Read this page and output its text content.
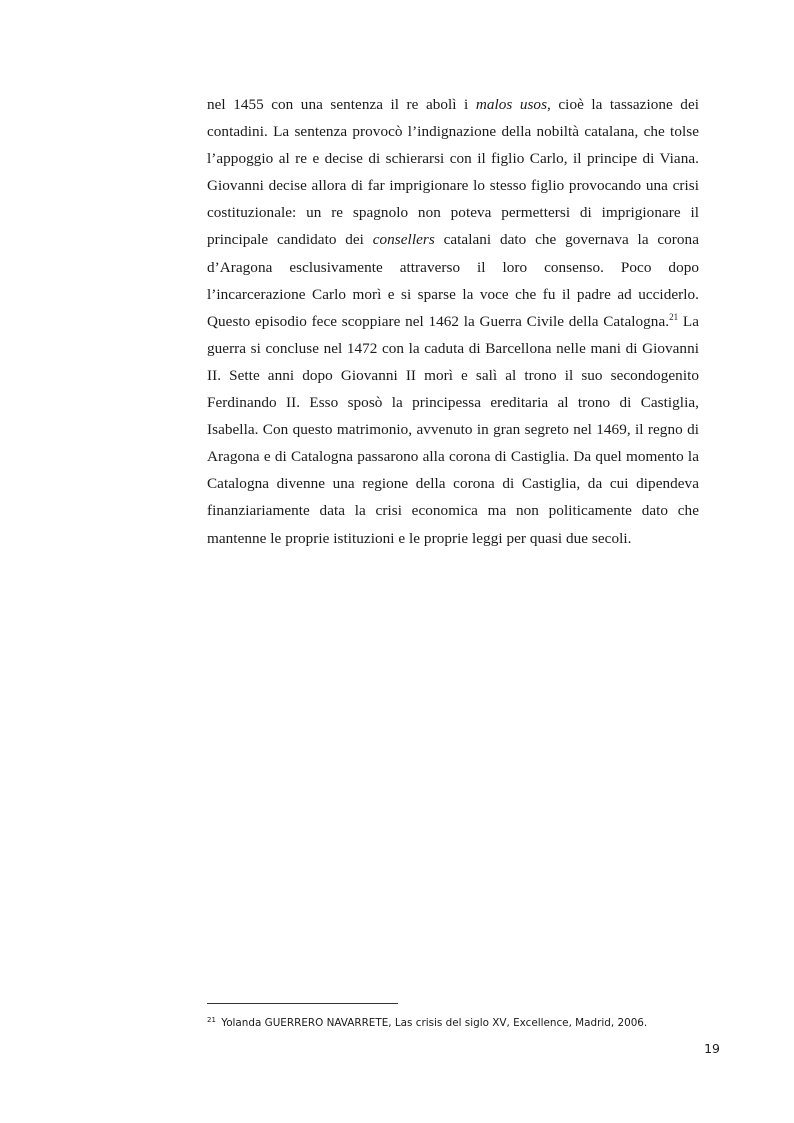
nel 1455 con una sentenza il re abolì i malos usos, cioè la tassazione dei contadini. La sentenza provocò l’indignazione della nobiltà catalana, che tolse l’appoggio al re e decise di schierarsi con il figlio Carlo, il principe di Viana. Giovanni decise allora di far imprigionare lo stesso figlio provocando una crisi costituzionale: un re spagnolo non poteva permettersi di imprigionare il principale candidato dei consellers catalani dato che governava la corona d’Aragona esclusivamente attraverso il loro consenso. Poco dopo l’incarcerazione Carlo morì e si sparse la voce che fu il padre ad ucciderlo. Questo episodio fece scoppiare nel 1462 la Guerra Civile della Catalogna.$^{21}$ La guerra si concluse nel 1472 con la caduta di Barcellona nelle mani di Giovanni II. Sette anni dopo Giovanni II morì e salì al trono il suo secondogenito Ferdinando II. Esso sposò la principessa ereditaria al trono di Castiglia, Isabella. Con questo matrimonio, avvenuto in gran segreto nel 1469, il regno di Aragona e di Catalogna passarono alla corona di Castiglia. Da quel momento la Catalogna divenne una regione della corona di Castiglia, da cui dipendeva finanziariamente data la crisi economica ma non politicamente dato che mantenne le proprie istituzioni e le proprie leggi per quasi due secoli.

$^{21}$ Yolanda GUERRERO NAVARRETE, Las crisis del siglo XV, Excellence, Madrid, 2006.

19
